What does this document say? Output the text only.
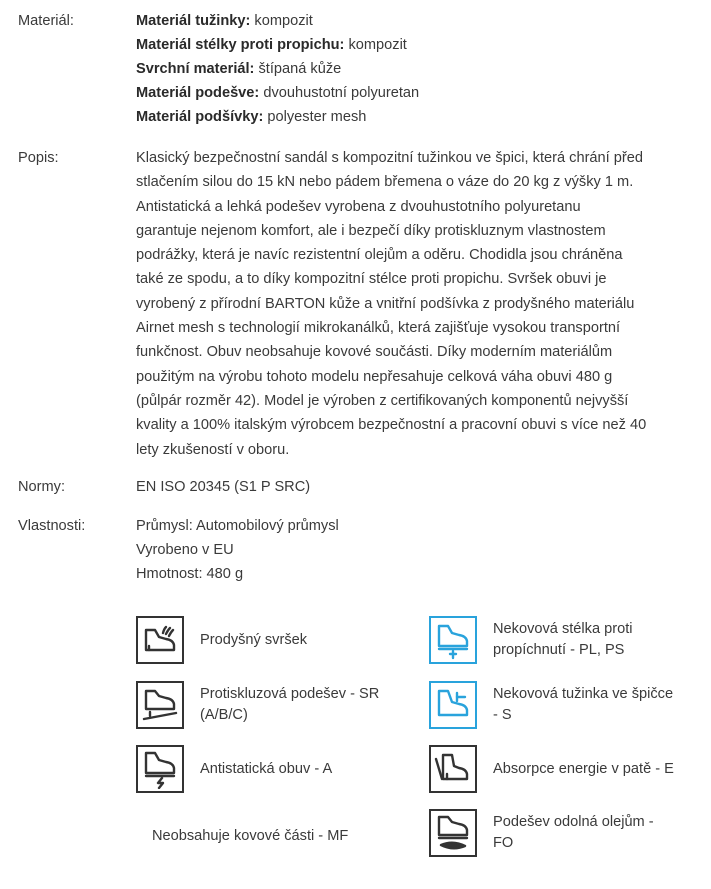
Materiál:	Materiál tužinky: kompozit
Materiál stélky proti propichu: kompozit
Svrchní materiál: štípaná kůže
Materiál podešve: dvouhustotní polyuretan
Materiál podšívky: polyester mesh
Popis:	Klasický bezpečnostní sandál s kompozitní tužinkou ve špici, která chrání před
stlačením silou do 15 kN nebo pádem břemena o váze do 20 kg z výšky 1 m.
Antistatická a lehká podešev vyrobena z dvouhustotního polyuretanu
garantuje nejenom komfort, ale i bezpečí díky protiskluznym vlastnostem
podrážky, která je navíc rezistentní olejům a oděru. Chodidla jsou chráněna
také ze spodu, a to díky kompozitní stélce proti propichu. Svršek obuvi je
vyrobený z přírodní BARTON kůže a vnitřní podšívka z prodyšného materiálu
Airnet mesh s technologií mikrokanálků, která zajišťuje vysokou transportní
funkčnost. Obuv neobsahuje kovové součásti. Díky moderním materiálům
použitým na výrobu tohoto modelu nepřesahuje celková váha obuvi 480 g
(půlpár rozměr 42). Model je výroben z certifikovaných komponentů nejvyšší
kvality a 100% italským výrobcem bezpečnostní a pracovní obuvi s více než 40
lety zkušeností v oboru.
Normy:	EN ISO 20345 (S1 P SRC)
Vlastnosti:	Průmysl: Automobilový průmysl
Vyrobeno v EU
Hmotnost: 480 g
Prodyšný svršek
Nekovová stélka proti
propíchnutí - PL, PS
Protiskluzová podešev - SR
(A/B/C)
Nekovová tužinka ve špičce
- S
Antistatická obuv - A	Absorpce energie v patě - E
Neobsahuje kovové části - MF
Podešev odolná olejům -
FO
